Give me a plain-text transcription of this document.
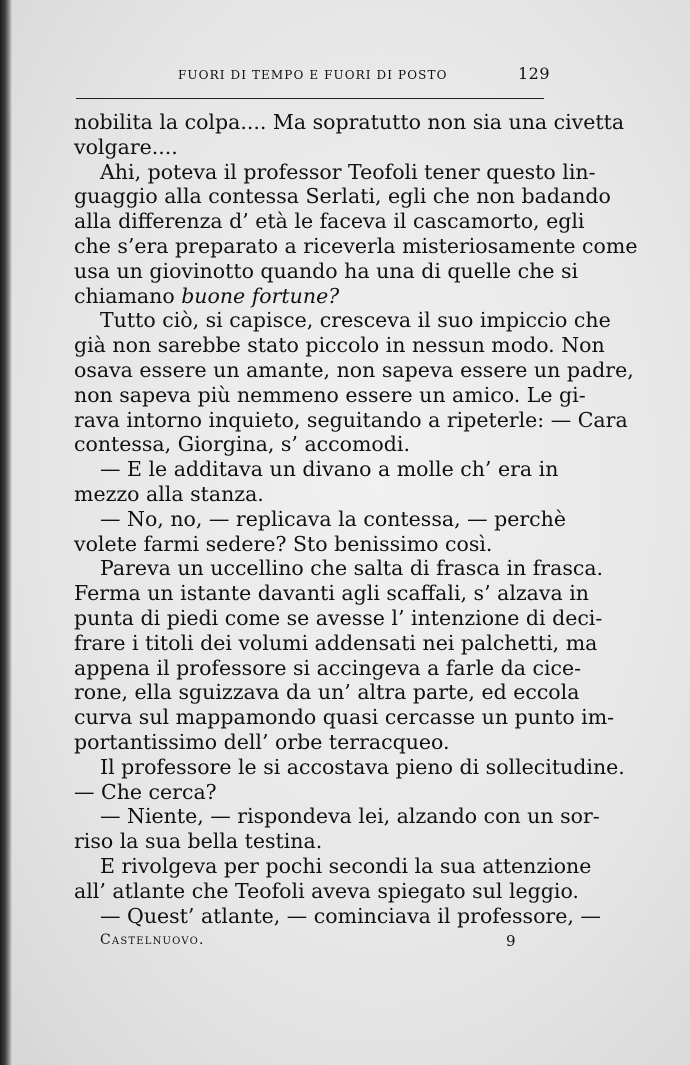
FUORI DI TEMPO E FUORI DI POSTO	129
nobilita la colpa.... Ma sopratutto non sia una civetta
volgare....
Ahi, poteva il professor Teofoli tener questo lin-
guaggio alla contessa Serlati, egli che non badando
alla differenza d’ età le faceva il cascamorto, egli
che s’era preparato a riceverla misteriosamente come
usa un giovinotto quando ha una di quelle che si
chiamano buone fortune?
Tutto ciò, si capisce, cresceva il suo impiccio che
già non sarebbe stato piccolo in nessun modo. Non
osava essere un amante, non sapeva essere un padre,
non sapeva più nemmeno essere un amico. Le gi-
rava intorno inquieto, seguitando a ripeterle: — Cara
contessa, Giorgina, s’ accomodi.
— E le additava un divano a molle ch’ era in
mezzo alla stanza.
— No, no, — replicava la contessa, — perchè
volete farmi sedere? Sto benissimo così.
Pareva un uccellino che salta di frasca in frasca.
Ferma un istante davanti agli scaffali, s’ alzava in
punta di piedi come se avesse l’ intenzione di deci-
frare i titoli dei volumi addensati nei palchetti, ma
appena il professore si accingeva a farle da cice-
rone, ella sguizzava da un’ altra parte, ed eccola
curva sul mappamondo quasi cercasse un punto im-
portantissimo dell’ orbe terracqueo.
Il professore le si accostava pieno di sollecitudine.
— Che cerca?
— Niente, — rispondeva lei, alzando con un sor-
riso la sua bella testina.
E rivolgeva per pochi secondi la sua attenzione
all’ atlante che Teofoli aveva spiegato sul leggio.
— Quest’ atlante, — cominciava il professore, —
Castelnuovo.	9
